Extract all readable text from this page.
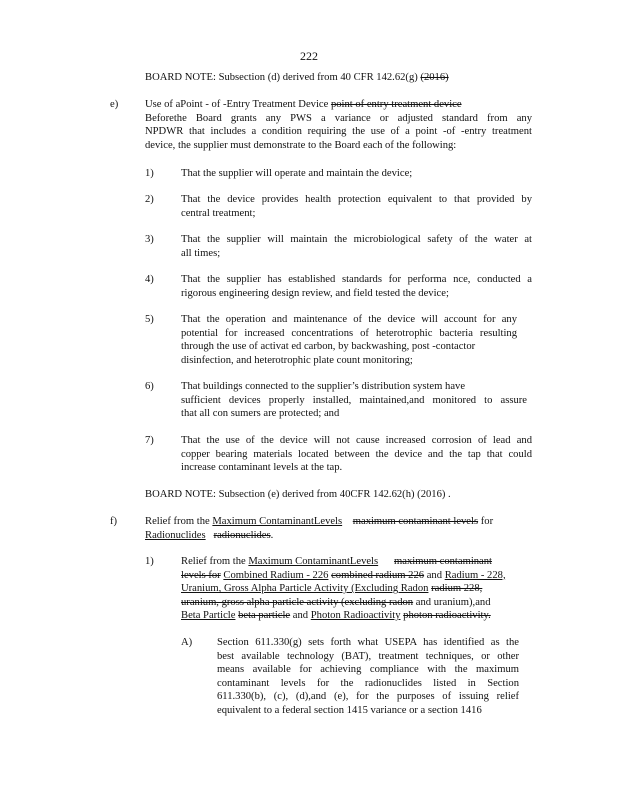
222
BOARD NOTE: Subsection (d) derived from 40 CFR 142.62(g) (2016)
e)	Use of aPoint - of -Entry Treatment Device point of entry treatment device
Beforethe Board grants any PWS a variance or adjusted standard from any
NPDWR that includes a condition requiring the use of a point -of -entry treatment
device, the supplier must demonstrate to the Board each of the following:
1)	That the supplier will operate and maintain the device;
2)	That the device provides health protection equivalent to that provided by
central treatment;
3)	That the supplier will maintain the microbiological safety of the water at
all times;
4)	That the supplier has established standards for performa nce, conducted a
rigorous engineering design review, and field tested the device;
5)	That the operation and maintenance of the device will account for any
potential for increased concentrations of heterotrophic bacteria resulting
through the use of activat ed carbon, by backwashing, post -contactor
disinfection, and heterotrophic plate count monitoring;
6)	That buildings connected to the supplier’s distribution system have
sufficient devices properly installed, maintained,and monitored to assure
that all con sumers are protected; and
7)	That the use of the device will not cause increased corrosion of lead and
copper bearing materials located between the device and the tap that could
increase contaminant levels at the tap.
BOARD NOTE: Subsection (e) derived from 40CFR 142.62(h) (2016) .
f)	Relief from the Maximum ContaminantLevels maximum contaminant levels for
Radionuclides radionuclides.
1)	Relief from the Maximum ContaminantLevels maximum contaminant
levels for Combined Radium - 226 combined radium 226 and Radium - 228,
Uranium, Gross Alpha Particle Activity (Excluding Radon radium 228,
uranium, gross alpha particle activity (excluding radon and uranium),and
Beta Particle beta particle and Photon Radioactivity photon radioactivity.
A) Section 611.330(g) sets forth what USEPA has identified as the
best available technology (BAT), treatment techniques, or other
means available for achieving compliance with the maximum
contaminant levels for the radionuclides listed in Section
611.330(b), (c), (d),and (e), for the purposes of issuing relief
equivalent to a federal section 1415 variance or a section 1416
